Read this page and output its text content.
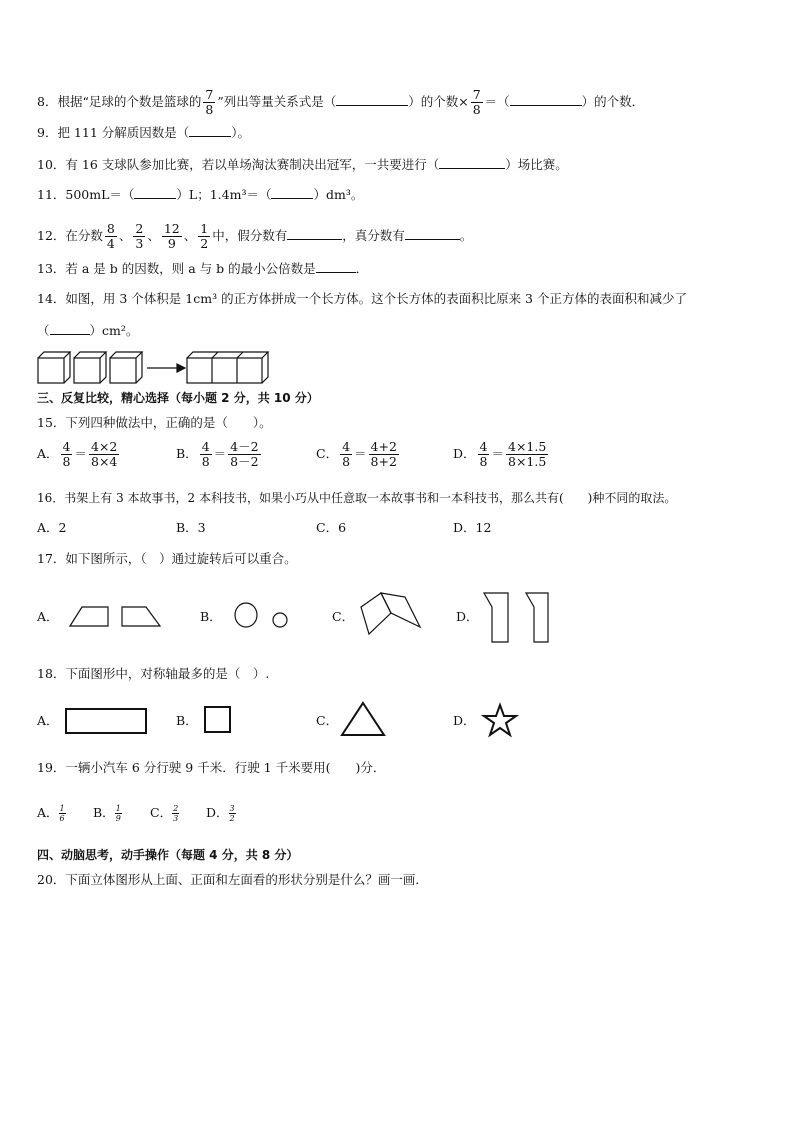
8．根据“足球的个数是篮球的 $\frac{7}{8}$ ”列出等量关系式是（	）的个数× $\frac{7}{8}$ ＝（	）的个数．
9．把 111 分解质因数是（	）。
10．有 16 支球队参加比赛，若以单场淘汰赛制决出冠军，一共要进行（	）场比赛。
11．500mL＝（	）L；1.4m³＝（	）dm³。
12．在分数 $\frac{8}{4}$ 、 $\frac{2}{3}$ 、 $\frac{12}{9}$ 、 $\frac{1}{2}$ 中，假分数有	，真分数有	。
13．若 a 是 b 的因数，则 a 与 b 的最小公倍数是	．
14．如图，用 3 个体积是 1cm³ 的正方体拼成一个长方体。这个长方体的表面积比原来 3 个正方体的表面积和减少了
（	）cm²。
三、反复比较，精心选择（每小题 2 分，共 10 分）
15．下列四种做法中，正确的是（　　）。
A． $\frac{4}{8} = \frac{4\times 2}{8\times 4}$	B． $\frac{4}{8} = \frac{4-2}{8-2}$	C． $\frac{4}{8} = \frac{4+2}{8+2}$	D． $\frac{4}{8} = \frac{4\times 1.5}{8\times 1.5}$
16．书架上有 3 本故事书，2 本科技书，如果小巧从中任意取一本故事书和一本科技书，那么共有(　　)种不同的取法。
A．2	B．3	C．6	D．12
17．如下图所示，（　）通过旋转后可以重合。
A．	B．	C．	D．
18．下面图形中，对称轴最多的是（　）.
A．	B．	C．	D．
19．一辆小汽车 6 分行驶 9 千米．行驶 1 千米要用(　　)分．
A． $\frac{1}{6}$ B． $\frac{1}{9}$ C． $\frac{2}{3}$ D． $\frac{3}{2}$
四、动脑思考，动手操作（每题 4 分，共 8 分）
20．下面立体图形从上面、正面和左面看的形状分别是什么？画一画．
